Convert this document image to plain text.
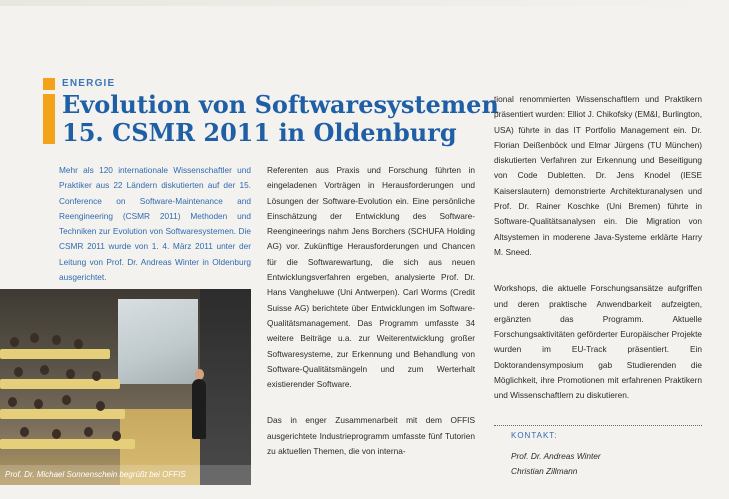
ENERGIE
Evolution von Softwaresystemen
15. CSMR 2011 in Oldenburg
Mehr als 120 internationale Wissenschaftler und Praktiker aus 22 Ländern diskutierten auf der 15. Conference on Software-Maintenance and Reengineering (CSMR 2011) Methoden und Techniken zur Evolution von Softwaresystemen. Die CSMR 2011 wurde von 1. 4. März 2011 unter der Leitung von Prof. Dr. Andreas Winter in Oldenburg ausgerichtet.
Prof. Dr. Michael Sonnenschein begrüßt bei OFFIS
Referenten aus Praxis und Forschung führten in eingeladenen Vorträgen in Herausforderungen und Lösungen der Software-Evolution ein. Eine persönliche Einschätzung der Entwicklung des Software-Reengineerings nahm Jens Borchers (SCHUFA Holding AG) vor. Zukünftige Herausforderungen und Chancen für die Softwarewartung, die sich aus neuen Entwicklungsverfahren ergeben, analysierte Prof. Dr. Hans Vangheluwe (Uni Antwerpen). Carl Worms (Credit Suisse AG) berichtete über Entwicklungen im Software-Qualitätsmanagement. Das Programm umfasste 34 weitere Beiträge u.a. zur Weiterentwicklung großer Softwaresysteme, zur Erkennung und Behandlung von Software-Qualitätsmängeln und zum Werterhalt existierender Software.
Das in enger Zusammenarbeit mit dem OFFIS ausgerichtete Industrieprogramm umfasste fünf Tutorien zu aktuellen Themen, die von interna-
tional renommierten Wissenschaftlern und Praktikern präsentiert wurden: Elliot J. Chikofsky (EM&I, Burlington, USA) führte in das IT Portfolio Management ein. Dr. Florian Deißenböck und Elmar Jürgens (TU München) diskutierten Verfahren zur Erkennung und Beseitigung von Code Dubletten. Dr. Jens Knodel (IESE Kaiserslautern) demonstrierte Architekturanalysen und Prof. Dr. Rainer Koschke (Uni Bremen) führte in Software-Qualitätsanalysen ein. Die Migration von Altsystemen in moderene Java-Systeme erklärte Harry M. Sneed.
Workshops, die aktuelle Forschungsansätze aufgriffen und deren praktische Anwendbarkeit aufzeigten, ergänzten das Programm. Aktuelle Forschungsaktivitäten geförderter Europäischer Projekte wurden im EU-Track präsentiert. Ein Doktorandensymposium gab Studierenden die Möglichkeit, ihre Promotionen mit erfahrenen Praktikern und Wissenschaftlern zu diskutieren.
KONTAKT:
Prof. Dr. Andreas Winter
Christian Zillmann
